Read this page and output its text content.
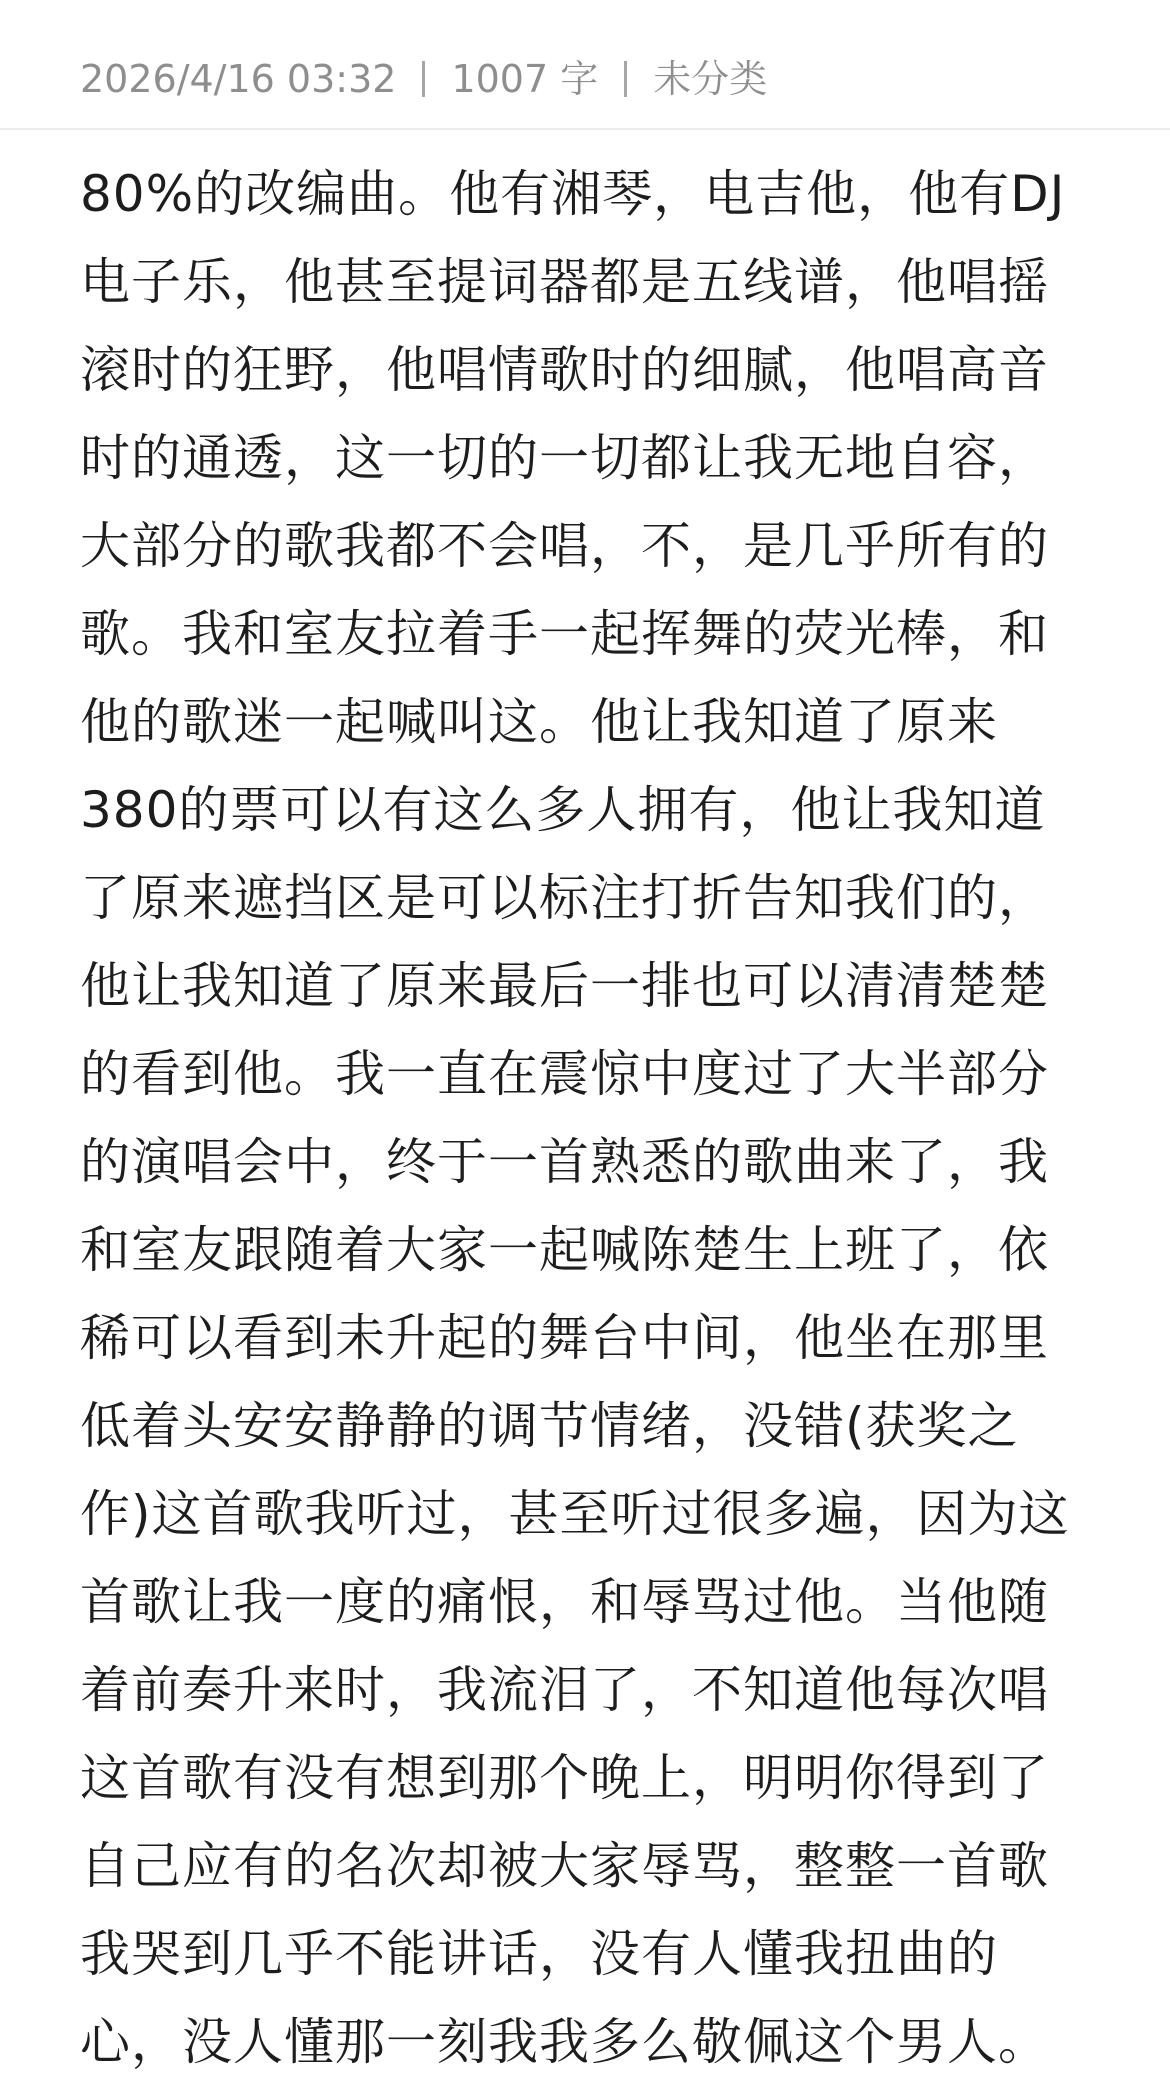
2026/4/16 03:32 1007 字 未分类
80%的改编曲。他有湘琴，电吉他，他有DJ
电子乐，他甚至提词器都是五线谱，他唱摇
滚时的狂野，他唱情歌时的细腻，他唱高音
时的通透，这一切的一切都让我无地自容，
大部分的歌我都不会唱，不，是几乎所有的
歌。我和室友拉着手一起挥舞的荧光棒，和
他的歌迷一起喊叫这。他让我知道了原来
380的票可以有这么多人拥有，他让我知道
了原来遮挡区是可以标注打折告知我们的，
他让我知道了原来最后一排也可以清清楚楚
的看到他。我一直在震惊中度过了大半部分
的演唱会中，终于一首熟悉的歌曲来了，我
和室友跟随着大家一起喊陈楚生上班了，依
稀可以看到未升起的舞台中间，他坐在那里
低着头安安静静的调节情绪，没错(获奖之
作)这首歌我听过，甚至听过很多遍，因为这
首歌让我一度的痛恨，和辱骂过他。当他随
着前奏升来时，我流泪了，不知道他每次唱
这首歌有没有想到那个晚上，明明你得到了
自己应有的名次却被大家辱骂，整整一首歌
我哭到几乎不能讲话，没有人懂我扭曲的
心，没人懂那一刻我我多么敬佩这个男人。
